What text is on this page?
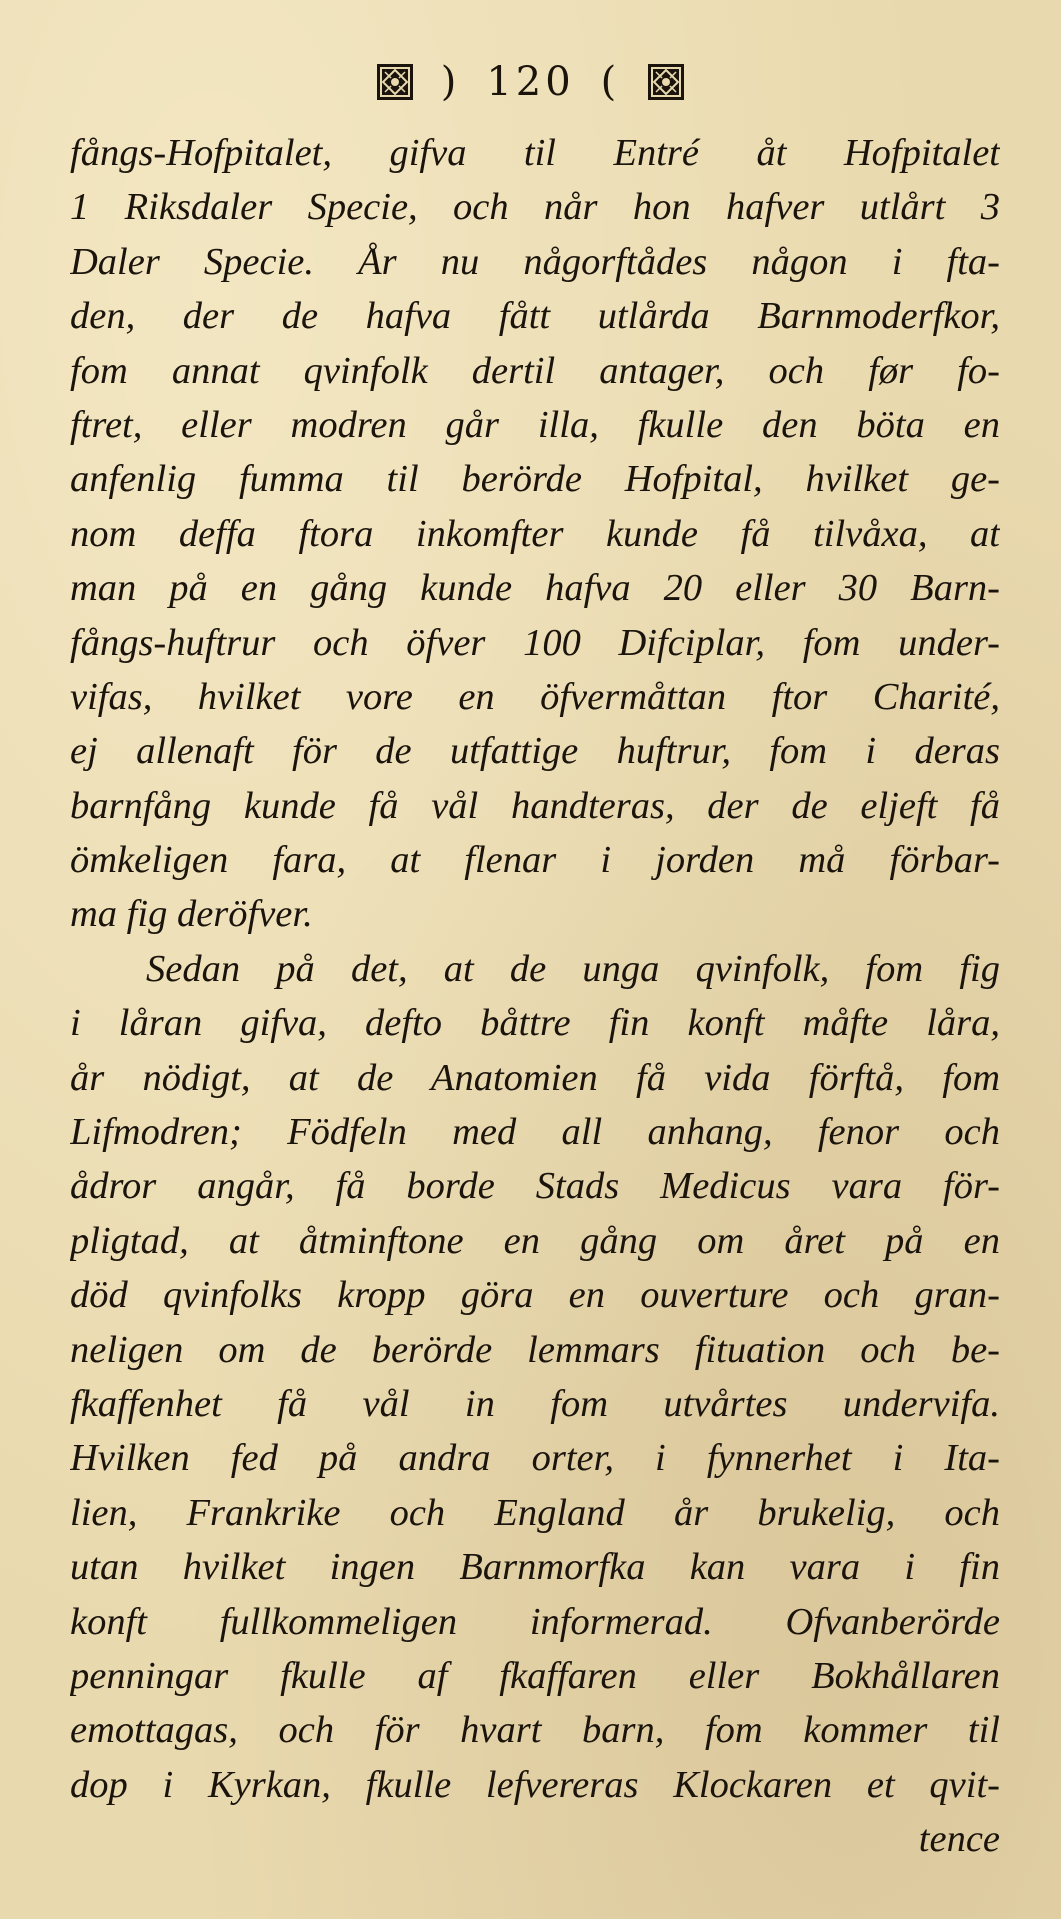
) 120 (
fångs-Hofpitalet, gifva til Entré åt Hofpitalet
1 Riksdaler Specie, och når hon hafver utlårt 3
Daler Specie. År nu någorftådes någon i fta-
den, der de hafva fått utlårda Barnmoderfkor,
fom annat qvinfolk dertil antager, och før fo-
ftret, eller modren går illa, fkulle den böta en
anfenlig fumma til berörde Hofpital, hvilket ge-
nom deffa ftora inkomfter kunde få tilvåxa, at
man på en gång kunde hafva 20 eller 30 Barn-
fångs-huftrur och öfver 100 Difciplar, fom under-
vifas, hvilket vore en öfvermåttan ftor Charité,
ej allenaft för de utfattige huftrur, fom i deras
barnfång kunde få vål handteras, der de eljeft få
ömkeligen fara, at flenar i jorden må förbar-
ma fig deröfver.
Sedan på det, at de unga qvinfolk, fom fig
i låran gifva, defto båttre fin konft måfte låra,
år nödigt, at de Anatomien få vida förftå, fom
Lifmodren; Födfeln med all anhang, fenor och
ådror angår, få borde Stads Medicus vara för-
pligtad, at åtminftone en gång om året på en
död qvinfolks kropp göra en ouverture och gran-
neligen om de berörde lemmars fituation och be-
fkaffenhet få vål in fom utvårtes undervifa.
Hvilken fed på andra orter, i fynnerhet i Ita-
lien, Frankrike och England år brukelig, och
utan hvilket ingen Barnmorfka kan vara i fin
konft fullkommeligen informerad. Ofvanberörde
penningar fkulle af fkaffaren eller Bokhållaren
emottagas, och för hvart barn, fom kommer til
dop i Kyrkan, fkulle lefvereras Klockaren et qvit-
tence
